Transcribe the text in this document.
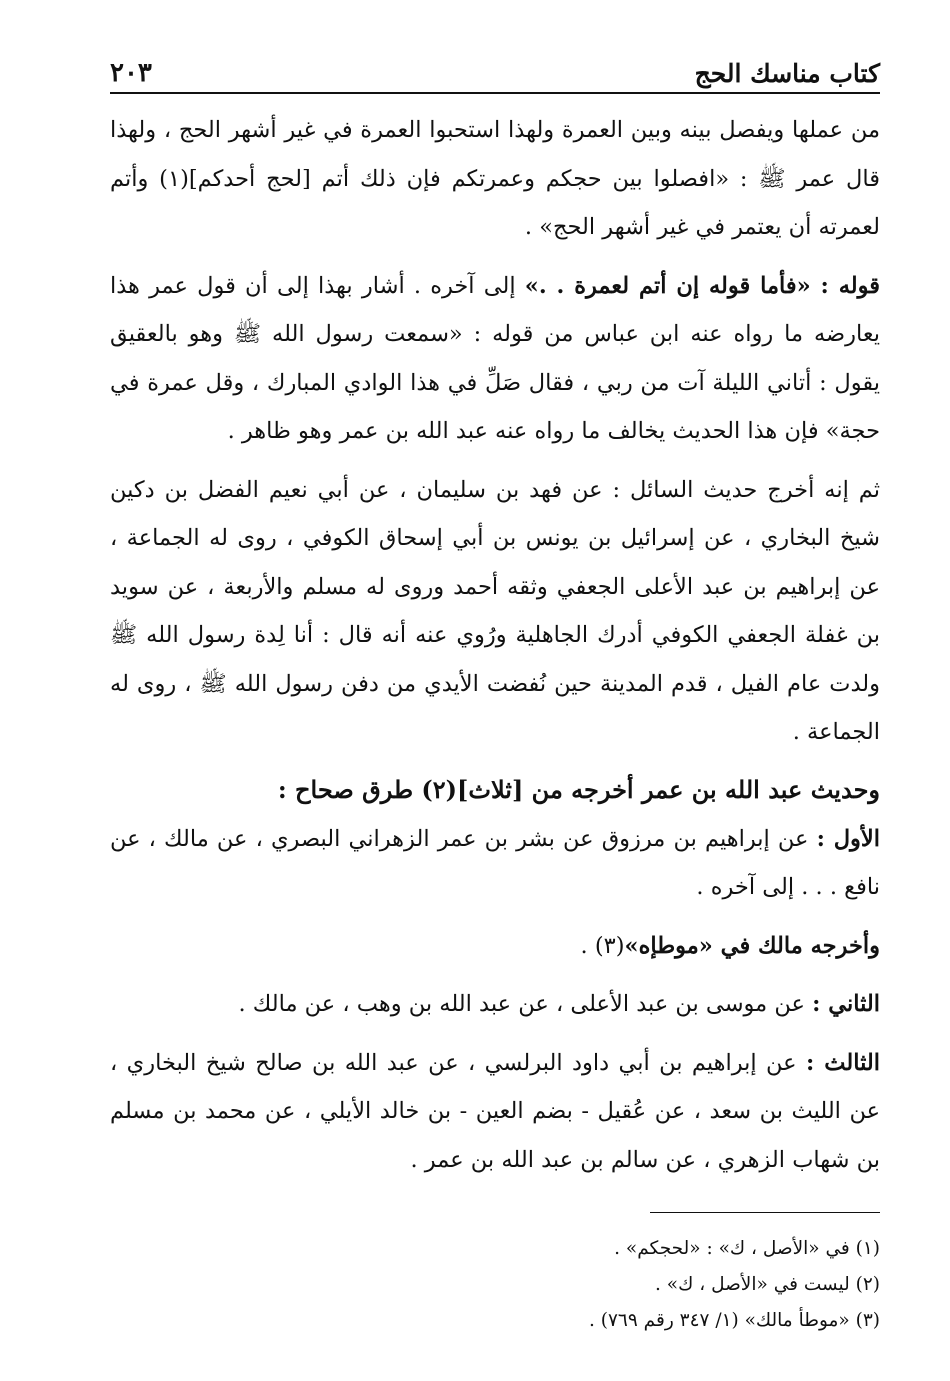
كتاب مناسك الحج
٢٠٣

من عملها ويفصل بينه وبين العمرة ولهذا استحبوا العمرة في غير أشهر الحج ، ولهذا قال عمر ﷺ : «افصلوا بين حجكم وعمرتكم فإن ذلك أتم [لحج أحدكم](١) وأتم لعمرته أن يعتمر في غير أشهر الحج» .

قوله : «فأما قوله إن أتم لعمرة . .» إلى آخره . أشار بهذا إلى أن قول عمر هذا يعارضه ما رواه عنه ابن عباس من قوله : «سمعت رسول الله ﷺ وهو بالعقيق يقول : أتاني الليلة آت من ربي ، فقال صَلِّ في هذا الوادي المبارك ، وقل عمرة في حجة» فإن هذا الحديث يخالف ما رواه عنه عبد الله بن عمر وهو ظاهر .

ثم إنه أخرج حديث السائل : عن فهد بن سليمان ، عن أبي نعيم الفضل بن دكين شيخ البخاري ، عن إسرائيل بن يونس بن أبي إسحاق الكوفي ، روى له الجماعة ، عن إبراهيم بن عبد الأعلى الجعفي وثقه أحمد وروى له مسلم والأربعة ، عن سويد بن غفلة الجعفي الكوفي أدرك الجاهلية ورُوي عنه أنه قال : أنا لِدة رسول الله ﷺ ولدت عام الفيل ، قدم المدينة حين نُفضت الأيدي من دفن رسول الله ﷺ ، روى له الجماعة .

وحديث عبد الله بن عمر أخرجه من [ثلاث](٢) طرق صحاح :

الأول : عن إبراهيم بن مرزوق عن بشر بن عمر الزهراني البصري ، عن مالك ، عن نافع . . . إلى آخره .

وأخرجه مالك في «موطإه»(٣) .

الثاني : عن موسى بن عبد الأعلى ، عن عبد الله بن وهب ، عن مالك .

الثالث : عن إبراهيم بن أبي داود البرلسي ، عن عبد الله بن صالح شيخ البخاري ، عن الليث بن سعد ، عن عُقيل - بضم العين - بن خالد الأيلي ، عن محمد بن مسلم بن شهاب الزهري ، عن سالم بن عبد الله بن عمر .

(١) في «الأصل ، ك» : «لحجكم» .

(٢) ليست في «الأصل ، ك» .

(٣) «موطأ مالك» (١/ ٣٤٧ رقم ٧٦٩) .
